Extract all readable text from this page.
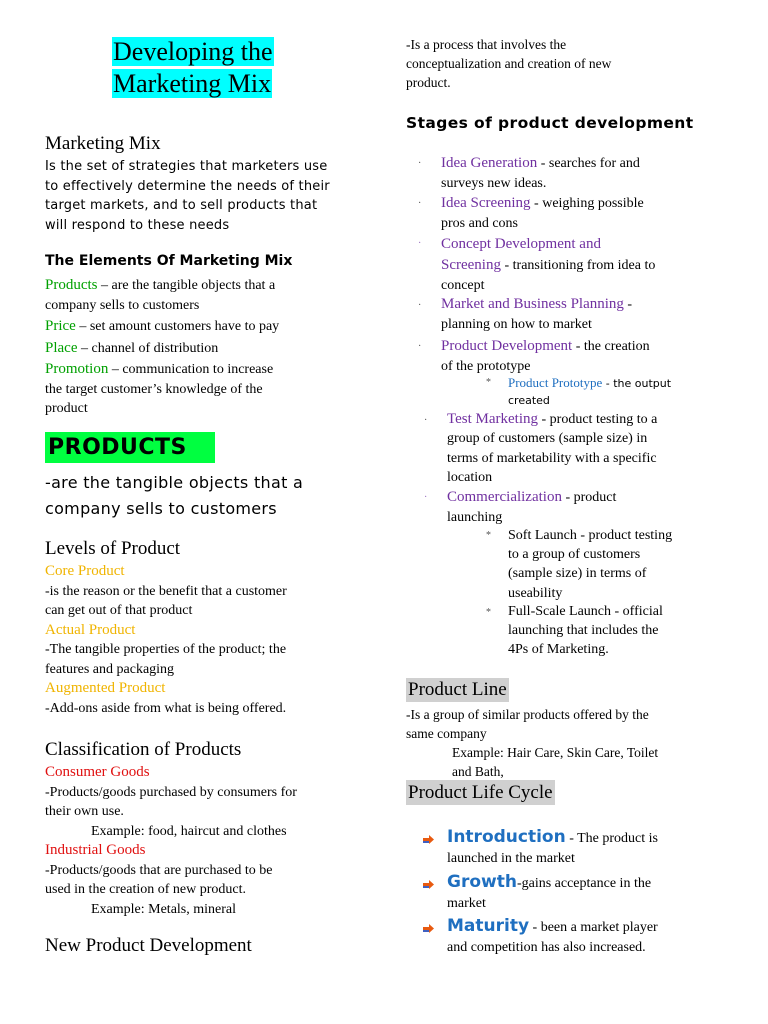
Developing the
Marketing Mix
Marketing Mix
Is the set of strategies that marketers use
to effectively determine the needs of their
target markets, and to sell products that
will respond to these needs
The Elements Of Marketing Mix
Products – are the tangible objects that a
company sells to customers
Price – set amount customers have to pay
Place – channel of distribution
Promotion – communication to increase
the target customer’s knowledge of the
product
PRODUCTS
-are the tangible objects that a
company sells to customers
Levels of Product
Core Product
-is the reason or the benefit that a customer
can get out of that product
Actual Product
-The tangible properties of the product; the
features and packaging
Augmented Product
-Add-ons aside from what is being offered.
Classification of Products
Consumer Goods
-Products/goods purchased by consumers for
their own use.
Example: food, haircut and clothes
Industrial Goods
-Products/goods that are purchased to be
used in the creation of new product.
Example: Metals, mineral
New Product Development
-Is a process that involves the
conceptualization and creation of new
product.
Stages of product development
· Idea Generation - searches for and
surveys new ideas.
· Idea Screening - weighing possible
pros and cons
· Concept Development and
Screening - transitioning from idea to
concept
· Market and Business Planning -
planning on how to market
· Product Development - the creation
of the prototype
* Product Prototype - the output
created
· Test Marketing - product testing to a
group of customers (sample size) in
terms of marketability with a specific
location
· Commercialization - product
launching
* Soft Launch - product testing
to a group of customers
(sample size) in terms of
useability
* Full-Scale Launch - official
launching that includes the
4Ps of Marketing.
Product Line
-Is a group of similar products offered by the
same company
Example: Hair Care, Skin Care, Toilet
and Bath,
Product Life Cycle
Introduction - The product is
launched in the market
Growth-gains acceptance in the
market
Maturity - been a market player
and competition has also increased.
